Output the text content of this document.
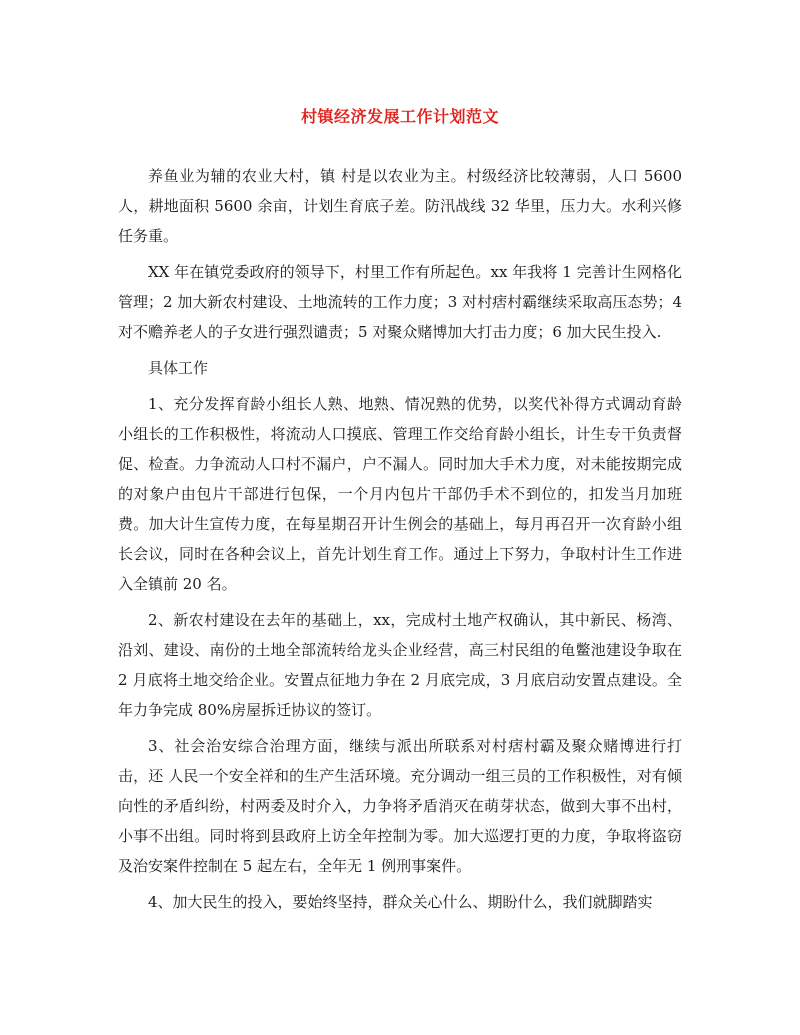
村镇经济发展工作计划范文

养鱼业为辅的农业大村，镇 村是以农业为主。村级经济比较薄弱，人口 5600 人，耕地面积 5600 余亩，计划生育底子差。防汛战线 32 华里，压力大。水利兴修任务重。

XX 年在镇党委政府的领导下，村里工作有所起色。xx 年我将 1 完善计生网格化管理；2 加大新农村建设、土地流转的工作力度；3 对村痞村霸继续采取高压态势；4 对不赡养老人的子女进行强烈谴责；5 对聚众赌博加大打击力度；6 加大民生投入.

具体工作

1、充分发挥育龄小组长人熟、地熟、情况熟的优势，以奖代补得方式调动育龄小组长的工作积极性，将流动人口摸底、管理工作交给育龄小组长，计生专干负责督促、检查。力争流动人口村不漏户，户不漏人。同时加大手术力度，对未能按期完成的对象户由包片干部进行包保，一个月内包片干部仍手术不到位的，扣发当月加班费。加大计生宣传力度，在每星期召开计生例会的基础上，每月再召开一次育龄小组长会议，同时在各种会议上，首先计划生育工作。通过上下努力，争取村计生工作进入全镇前 20 名。

2、新农村建设在去年的基础上，xx，完成村土地产权确认，其中新民、杨湾、沿刘、建设、南份的土地全部流转给龙头企业经营，高三村民组的龟鳖池建设争取在 2 月底将土地交给企业。安置点征地力争在 2 月底完成，3 月底启动安置点建设。全年力争完成 80%房屋拆迁协议的签订。

3、社会治安综合治理方面，继续与派出所联系对村痞村霸及聚众赌博进行打击，还 人民一个安全祥和的生产生活环境。充分调动一组三员的工作积极性，对有倾向性的矛盾纠纷，村两委及时介入，力争将矛盾消灭在萌芽状态，做到大事不出村，小事不出组。同时将到县政府上访全年控制为零。加大巡逻打更的力度，争取将盗窃及治安案件控制在 5 起左右，全年无 1 例刑事案件。

4、加大民生的投入，要始终坚持，群众关心什么、期盼什么，我们就脚踏实
